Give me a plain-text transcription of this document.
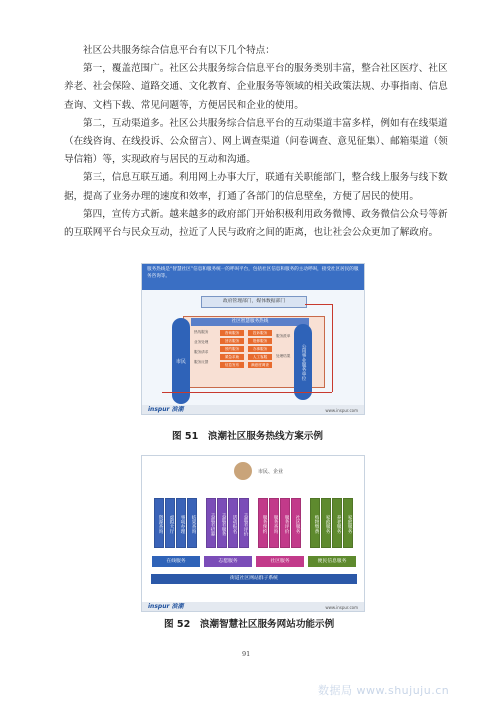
社区公共服务综合信息平台有以下几个特点：

第一，覆盖范围广。社区公共服务综合信息平台的服务类别丰富，整合社区医疗、社区养老、社会保险、道路交通、文化教育、企业服务等领域的相关政策法规、办事指南、信息查询、文档下载、常见问题等，方便居民和企业的使用。

第二，互动渠道多。社区公共服务综合信息平台的互动渠道丰富多样，例如有在线渠道（在线咨询、在线投诉、公众留言）、网上调查渠道（问卷调查、意见征集）、邮箱渠道（领导信箱）等，实现政府与居民的互动和沟通。

第三，信息互联互通。利用网上办事大厅，联通有关职能部门，整合线上服务与线下数据，提高了业务办理的速度和效率，打通了各部门的信息壁垒，方便了居民的使用。

第四，宣传方式新。越来越多的政府部门开始积极利用政务微博、政务微信公众号等新的互联网平台与民众互动，拉近了人民与政府之间的距离，也让社会公众更加了解政府。

服务热线是“智慧社区”信息和服务统一的呼叫平台，包括社区信息和服务的主动呼叫，接受社区居民的服务咨询等。
政府管理部门，媒体数据部门
社区智慧服务热线
市民	公用事业服务单位
咨询服务	投诉服务
回访服务	报修服务
预约服务	办事服务
紧急求助	人工客服
信息发布	满意度调查
热线服务
业务处理
服务请求
服务反馈
服务派单
处理结果
inspur 浪潮	www.inspur.com
图 51　浪潮社区服务热线方案示例
市民、企业
资源查询	虚拟大厅	事项办理	结果查询	志愿者招募	志愿者服务	活动报名	志愿者评价	服务预约	服务查询	服务评价	社区服务	购物缴费	家政服务	养老服务	家庭服务
在线服务	志愿服务	社区服务	便民信息服务
街道社区网站群子系统
inspur 浪潮	www.inspur.com
图 52　浪潮智慧社区服务网站功能示例
91
数据局 www.shujuju.cn
